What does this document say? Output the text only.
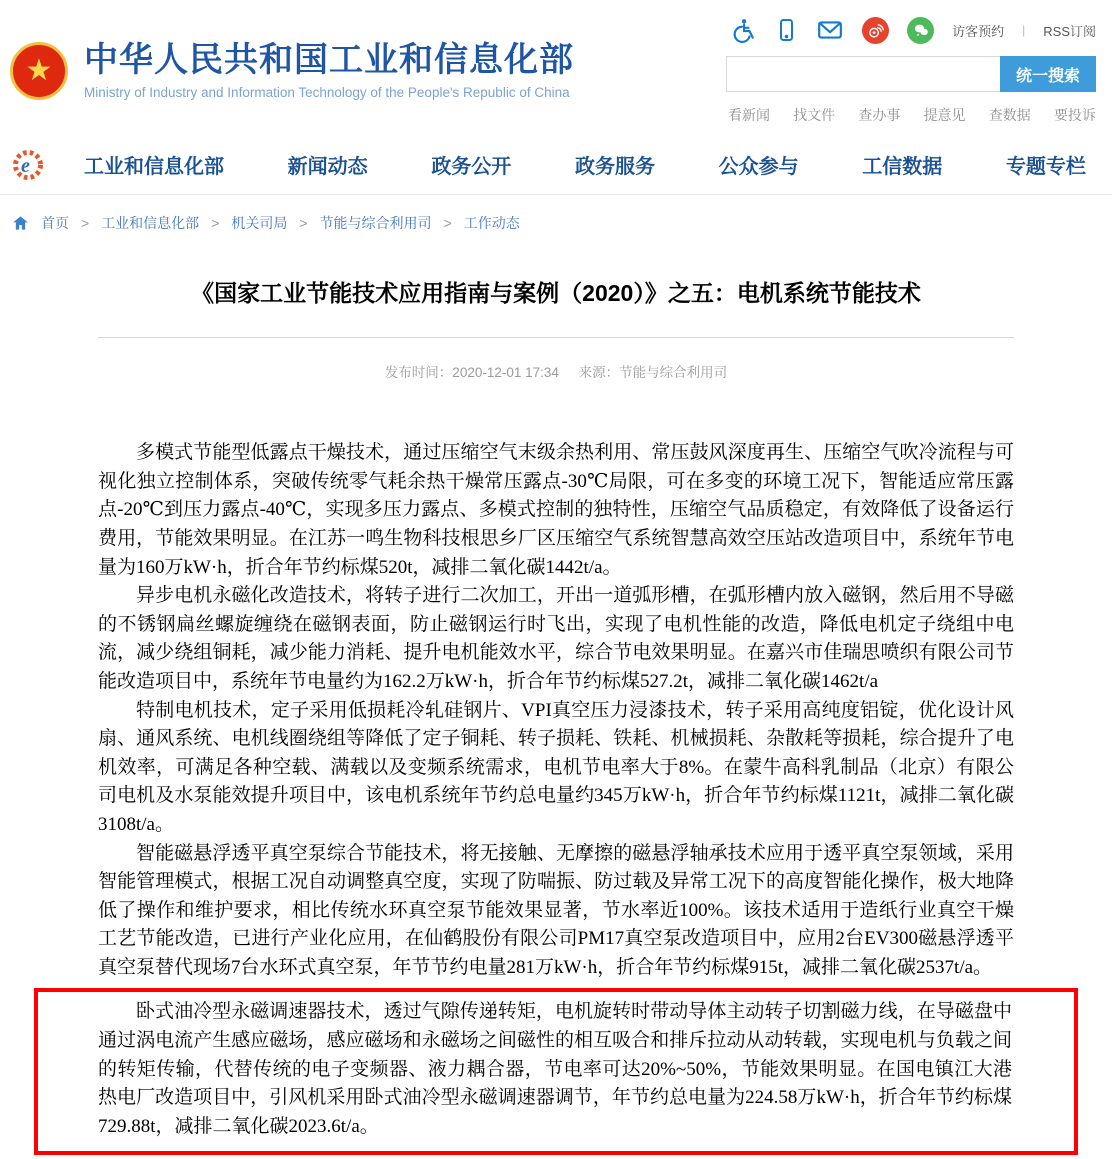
访客预约 | RSS订阅
★ 中华人民共和国工业和信息化部
Ministry of Industry and Information Technology of the People's Republic of China
统一搜索
看新闻 找文件 查办事 提意见 查数据 要投诉
e	工业和信息化部	新闻动态	政务公开	政务服务	公众参与	工信数据	专题专栏
首页 > 工业和信息化部 > 机关司局 > 节能与综合利用司 > 工作动态
《国家工业节能技术应用指南与案例（2020）》之五：电机系统节能技术
发布时间：2020-12-01 17:34 来源：节能与综合利用司

多模式节能型低露点干燥技术，通过压缩空气末级余热利用、常压鼓风深度再生、压缩空气吹冷流程与可视化独立控制体系，突破传统零气耗余热干燥常压露点-30℃局限，可在多变的环境工况下，智能适应常压露点-20℃到压力露点-40℃，实现多压力露点、多模式控制的独特性，压缩空气品质稳定，有效降低了设备运行费用，节能效果明显。在江苏一鸣生物科技根思乡厂区压缩空气系统智慧高效空压站改造项目中，系统年节电量为160万kW·h，折合年节约标煤520t，减排二氧化碳1442t/a。

异步电机永磁化改造技术，将转子进行二次加工，开出一道弧形槽，在弧形槽内放入磁钢，然后用不导磁的不锈钢扁丝螺旋缠绕在磁钢表面，防止磁钢运行时飞出，实现了电机性能的改造，降低电机定子绕组中电流，减少绕组铜耗，减少能力消耗、提升电机能效水平，综合节电效果明显。在嘉兴市佳瑞思喷织有限公司节能改造项目中，系统年节电量约为162.2万kW·h，折合年节约标煤527.2t，减排二氧化碳1462t/a

特制电机技术，定子采用低损耗冷轧硅钢片、VPI真空压力浸漆技术，转子采用高纯度铝锭，优化设计风扇、通风系统、电机线圈绕组等降低了定子铜耗、转子损耗、铁耗、机械损耗、杂散耗等损耗，综合提升了电机效率，可满足各种空载、满载以及变频系统需求，电机节电率大于8%。在蒙牛高科乳制品（北京）有限公司电机及水泵能效提升项目中，该电机系统年节约总电量约345万kW·h，折合年节约标煤1121t，减排二氧化碳3108t/a。

智能磁悬浮透平真空泵综合节能技术，将无接触、无摩擦的磁悬浮轴承技术应用于透平真空泵领域，采用智能管理模式，根据工况自动调整真空度，实现了防喘振、防过载及异常工况下的高度智能化操作，极大地降低了操作和维护要求，相比传统水环真空泵节能效果显著，节水率近100%。该技术适用于造纸行业真空干燥工艺节能改造，已进行产业化应用，在仙鹤股份有限公司PM17真空泵改造项目中，应用2台EV300磁悬浮透平真空泵替代现场7台水环式真空泵，年节节约电量281万kW·h，折合年节约标煤915t，减排二氧化碳2537t/a。

卧式油冷型永磁调速器技术，透过气隙传递转矩，电机旋转时带动导体主动转子切割磁力线，在导磁盘中通过涡电流产生感应磁场，感应磁场和永磁场之间磁性的相互吸合和排斥拉动从动转载，实现电机与负载之间的转矩传输，代替传统的电子变频器、液力耦合器，节电率可达20%~50%，节能效果明显。在国电镇江大港热电厂改造项目中，引风机采用卧式油冷型永磁调速器调节，年节约总电量为224.58万kW·h，折合年节约标煤729.88t，减排二氧化碳2023.6t/a。
